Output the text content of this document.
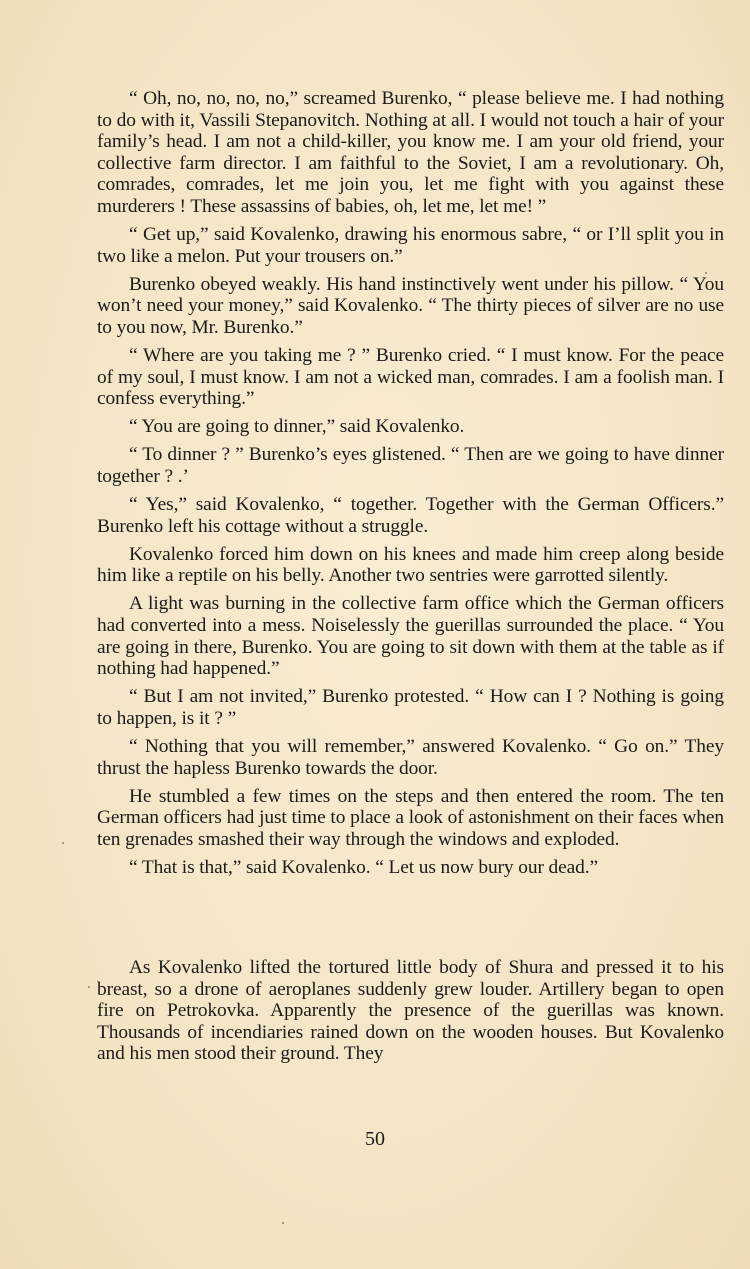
“ Oh, no, no, no, no,” screamed Burenko, “ please believe me. I had nothing to do with it, Vassili Stepanovitch. Nothing at all. I would not touch a hair of your family’s head. I am not a child-killer, you know me. I am your old friend, your collective farm director. I am faithful to the Soviet, I am a revolutionary. Oh, comrades, comrades, let me join you, let me fight with you against these murderers ! These assassins of babies, oh, let me, let me! ”

“ Get up,” said Kovalenko, drawing his enormous sabre, “ or I’ll split you in two like a melon. Put your trousers on.”

Burenko obeyed weakly. His hand instinctively went under his pillow. “ You won’t need your money,” said Kovalenko. “ The thirty pieces of silver are no use to you now, Mr. Burenko.”

“ Where are you taking me ? ” Burenko cried. “ I must know. For the peace of my soul, I must know. I am not a wicked man, comrades. I am a foolish man. I confess everything.”

“ You are going to dinner,” said Kovalenko.

“ To dinner ? ” Burenko’s eyes glistened. “ Then are we going to have dinner together ? .’

“ Yes,” said Kovalenko, “ together. Together with the German Officers.” Burenko left his cottage without a struggle.

Kovalenko forced him down on his knees and made him creep along beside him like a reptile on his belly. Another two sentries were garrotted silently.

A light was burning in the collective farm office which the German officers had converted into a mess. Noiselessly the guerillas surrounded the place. “ You are going in there, Burenko. You are going to sit down with them at the table as if nothing had happened.”

“ But I am not invited,” Burenko protested. “ How can I ? Nothing is going to happen, is it ? ”

“ Nothing that you will remember,” answered Kovalenko. “ Go on.” They thrust the hapless Burenko towards the door.

He stumbled a few times on the steps and then entered the room. The ten German officers had just time to place a look of astonishment on their faces when ten grenades smashed their way through the windows and exploded.

“ That is that,” said Kovalenko. “ Let us now bury our dead.”

As Kovalenko lifted the tortured little body of Shura and pressed it to his breast, so a drone of aeroplanes suddenly grew louder. Artillery began to open fire on Petrokovka. Apparently the presence of the guerillas was known. Thousands of incendiaries rained down on the wooden houses. But Kovalenko and his men stood their ground. They

50
